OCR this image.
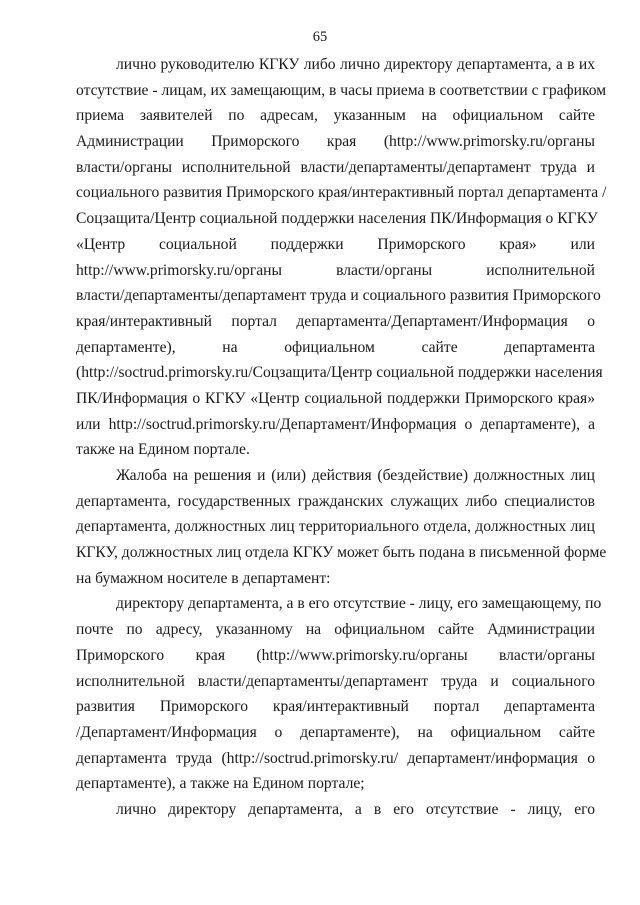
65
лично руководителю КГКУ либо лично директору департамента, а в их
отсутствие - лицам, их замещающим, в часы приема в соответствии с графиком
приема заявителей по адресам, указанным на официальном сайте
Администрации Приморского края (http://www.primorsky.ru/органы
власти/органы исполнительной власти/департаменты/департамент труда и
социального развития Приморского края/интерактивный портал департамента /
Соцзащита/Центр социальной поддержки населения ПК/Информация о КГКУ
«Центр социальной поддержки Приморского края» или
http://www.primorsky.ru/органы власти/органы исполнительной
власти/департаменты/департамент труда и социального развития Приморского
края/интерактивный портал департамента/Департамент/Информация о
департаменте), на официальном сайте департамента
(http://soctrud.primorsky.ru/Соцзащита/Центр социальной поддержки населения
ПК/Информация о КГКУ «Центр социальной поддержки Приморского края»
или http://soctrud.primorsky.ru/Департамент/Информация о департаменте), а
также на Едином портале.
Жалоба на решения и (или) действия (бездействие) должностных лиц
департамента, государственных гражданских служащих либо специалистов
департамента, должностных лиц территориального отдела, должностных лиц
КГКУ, должностных лиц отдела КГКУ может быть подана в письменной форме
на бумажном носителе в департамент:
директору департамента, а в его отсутствие - лицу, его замещающему, по
почте по адресу, указанному на официальном сайте Администрации
Приморского края (http://www.primorsky.ru/органы власти/органы
исполнительной власти/департаменты/департамент труда и социального
развития Приморского края/интерактивный портал департамента
/Департамент/Информация о департаменте), на официальном сайте
департамента труда (http://soctrud.primorsky.ru/ департамент/информация о
департаменте), а также на Едином портале;
лично директору департамента, а в его отсутствие - лицу, его
